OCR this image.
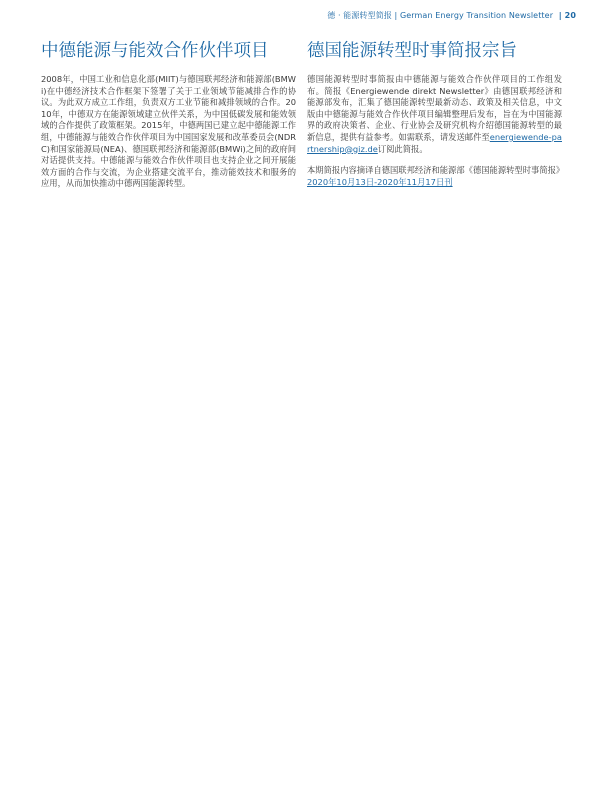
德 · 能源转型简报 | German Energy Transition Newsletter | 20
中德能源与能效合作伙伴项目

2008年，中国工业和信息化部(MIIT)与德国联邦经济和能源部(BMWi)在中德经济技术合作框架下签署了关于工业领域节能减排合作的协议。为此双方成立工作组，负责双方工业节能和减排领域的合作。2010年，中德双方在能源领域建立伙伴关系，为中国低碳发展和能效领域的合作提供了政策框架。2015年，中德两国已建立起中德能源工作组，中德能源与能效合作伙伴项目为中国国家发展和改革委员会(NDRC)和国家能源局(NEA)、德国联邦经济和能源部(BMWi)之间的政府间对话提供支持。中德能源与能效合作伙伴项目也支持企业之间开展能效方面的合作与交流，为企业搭建交流平台，推动能效技术和服务的应用，从而加快推动中德两国能源转型。

德国能源转型时事简报宗旨

德国能源转型时事简报由中德能源与能效合作伙伴项目的工作组发布。简报《Energiewende direkt Newsletter》由德国联邦经济和能源部发布，汇集了德国能源转型最新动态、政策及相关信息，中文版由中德能源与能效合作伙伴项目编辑整理后发布，旨在为中国能源界的政府决策者、企业、行业协会及研究机构介绍德国能源转型的最新信息，提供有益参考。如需联系，请发送邮件至energiewende-partnership@giz.de订阅此简报。

本期简报内容摘译自德国联邦经济和能源部《德国能源转型时事简报》2020年10月13日-2020年11月17日刊
